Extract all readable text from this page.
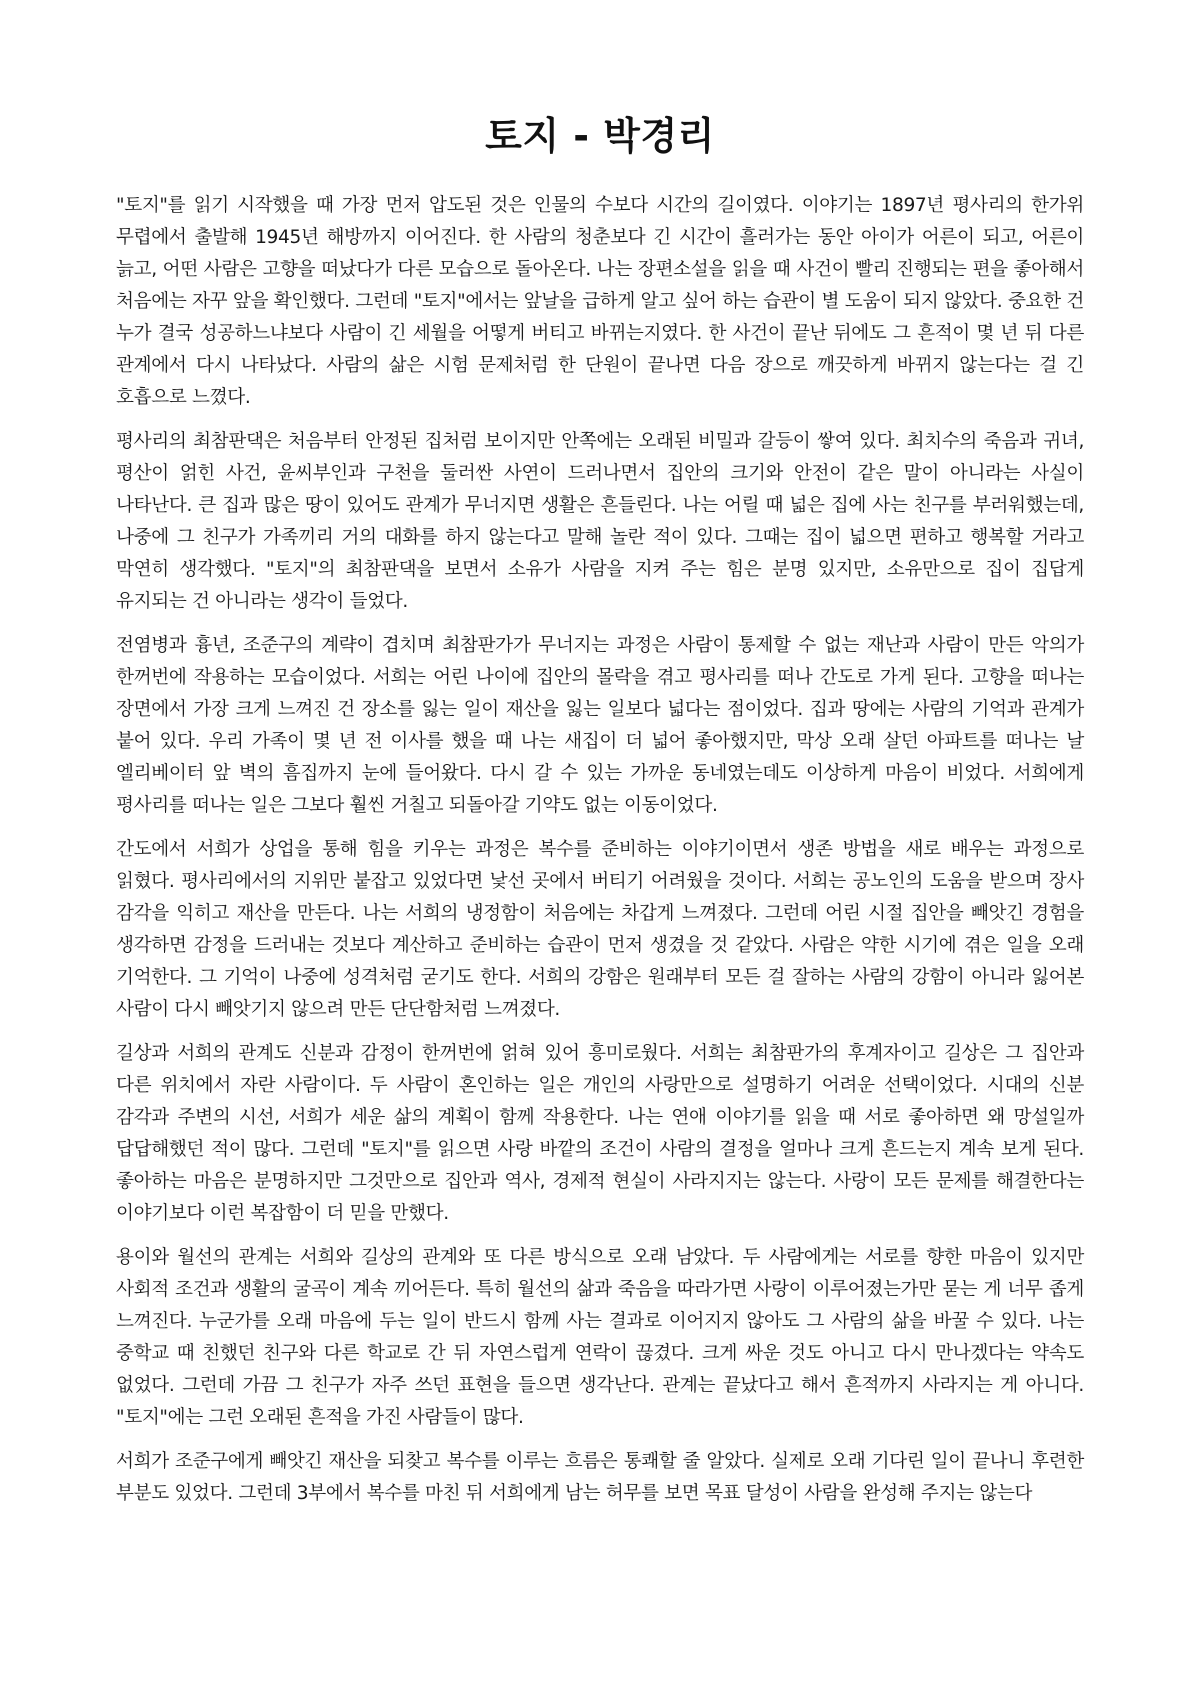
토지 - 박경리

"토지"를 읽기 시작했을 때 가장 먼저 압도된 것은 인물의 수보다 시간의 길이였다. 이야기는 1897년 평사리의 한가위 무렵에서 출발해 1945년 해방까지 이어진다. 한 사람의 청춘보다 긴 시간이 흘러가는 동안 아이가 어른이 되고, 어른이 늙고, 어떤 사람은 고향을 떠났다가 다른 모습으로 돌아온다. 나는 장편소설을 읽을 때 사건이 빨리 진행되는 편을 좋아해서 처음에는 자꾸 앞을 확인했다. 그런데 "토지"에서는 앞날을 급하게 알고 싶어 하는 습관이 별 도움이 되지 않았다. 중요한 건 누가 결국 성공하느냐보다 사람이 긴 세월을 어떻게 버티고 바뀌는지였다. 한 사건이 끝난 뒤에도 그 흔적이 몇 년 뒤 다른 관계에서 다시 나타났다. 사람의 삶은 시험 문제처럼 한 단원이 끝나면 다음 장으로 깨끗하게 바뀌지 않는다는 걸 긴 호흡으로 느꼈다.

평사리의 최참판댁은 처음부터 안정된 집처럼 보이지만 안쪽에는 오래된 비밀과 갈등이 쌓여 있다. 최치수의 죽음과 귀녀, 평산이 얽힌 사건, 윤씨부인과 구천을 둘러싼 사연이 드러나면서 집안의 크기와 안전이 같은 말이 아니라는 사실이 나타난다. 큰 집과 많은 땅이 있어도 관계가 무너지면 생활은 흔들린다. 나는 어릴 때 넓은 집에 사는 친구를 부러워했는데, 나중에 그 친구가 가족끼리 거의 대화를 하지 않는다고 말해 놀란 적이 있다. 그때는 집이 넓으면 편하고 행복할 거라고 막연히 생각했다. "토지"의 최참판댁을 보면서 소유가 사람을 지켜 주는 힘은 분명 있지만, 소유만으로 집이 집답게 유지되는 건 아니라는 생각이 들었다.

전염병과 흉년, 조준구의 계략이 겹치며 최참판가가 무너지는 과정은 사람이 통제할 수 없는 재난과 사람이 만든 악의가 한꺼번에 작용하는 모습이었다. 서희는 어린 나이에 집안의 몰락을 겪고 평사리를 떠나 간도로 가게 된다. 고향을 떠나는 장면에서 가장 크게 느껴진 건 장소를 잃는 일이 재산을 잃는 일보다 넓다는 점이었다. 집과 땅에는 사람의 기억과 관계가 붙어 있다. 우리 가족이 몇 년 전 이사를 했을 때 나는 새집이 더 넓어 좋아했지만, 막상 오래 살던 아파트를 떠나는 날 엘리베이터 앞 벽의 흠집까지 눈에 들어왔다. 다시 갈 수 있는 가까운 동네였는데도 이상하게 마음이 비었다. 서희에게 평사리를 떠나는 일은 그보다 훨씬 거칠고 되돌아갈 기약도 없는 이동이었다.

간도에서 서희가 상업을 통해 힘을 키우는 과정은 복수를 준비하는 이야기이면서 생존 방법을 새로 배우는 과정으로 읽혔다. 평사리에서의 지위만 붙잡고 있었다면 낯선 곳에서 버티기 어려웠을 것이다. 서희는 공노인의 도움을 받으며 장사 감각을 익히고 재산을 만든다. 나는 서희의 냉정함이 처음에는 차갑게 느껴졌다. 그런데 어린 시절 집안을 빼앗긴 경험을 생각하면 감정을 드러내는 것보다 계산하고 준비하는 습관이 먼저 생겼을 것 같았다. 사람은 약한 시기에 겪은 일을 오래 기억한다. 그 기억이 나중에 성격처럼 굳기도 한다. 서희의 강함은 원래부터 모든 걸 잘하는 사람의 강함이 아니라 잃어본 사람이 다시 빼앗기지 않으려 만든 단단함처럼 느껴졌다.

길상과 서희의 관계도 신분과 감정이 한꺼번에 얽혀 있어 흥미로웠다. 서희는 최참판가의 후계자이고 길상은 그 집안과 다른 위치에서 자란 사람이다. 두 사람이 혼인하는 일은 개인의 사랑만으로 설명하기 어려운 선택이었다. 시대의 신분 감각과 주변의 시선, 서희가 세운 삶의 계획이 함께 작용한다. 나는 연애 이야기를 읽을 때 서로 좋아하면 왜 망설일까 답답해했던 적이 많다. 그런데 "토지"를 읽으면 사랑 바깥의 조건이 사람의 결정을 얼마나 크게 흔드는지 계속 보게 된다. 좋아하는 마음은 분명하지만 그것만으로 집안과 역사, 경제적 현실이 사라지지는 않는다. 사랑이 모든 문제를 해결한다는 이야기보다 이런 복잡함이 더 믿을 만했다.

용이와 월선의 관계는 서희와 길상의 관계와 또 다른 방식으로 오래 남았다. 두 사람에게는 서로를 향한 마음이 있지만 사회적 조건과 생활의 굴곡이 계속 끼어든다. 특히 월선의 삶과 죽음을 따라가면 사랑이 이루어졌는가만 묻는 게 너무 좁게 느껴진다. 누군가를 오래 마음에 두는 일이 반드시 함께 사는 결과로 이어지지 않아도 그 사람의 삶을 바꿀 수 있다. 나는 중학교 때 친했던 친구와 다른 학교로 간 뒤 자연스럽게 연락이 끊겼다. 크게 싸운 것도 아니고 다시 만나겠다는 약속도 없었다. 그런데 가끔 그 친구가 자주 쓰던 표현을 들으면 생각난다. 관계는 끝났다고 해서 흔적까지 사라지는 게 아니다. "토지"에는 그런 오래된 흔적을 가진 사람들이 많다.

서희가 조준구에게 빼앗긴 재산을 되찾고 복수를 이루는 흐름은 통쾌할 줄 알았다. 실제로 오래 기다린 일이 끝나니 후련한 부분도 있었다. 그런데 3부에서 복수를 마친 뒤 서희에게 남는 허무를 보면 목표 달성이 사람을 완성해 주지는 않는다
